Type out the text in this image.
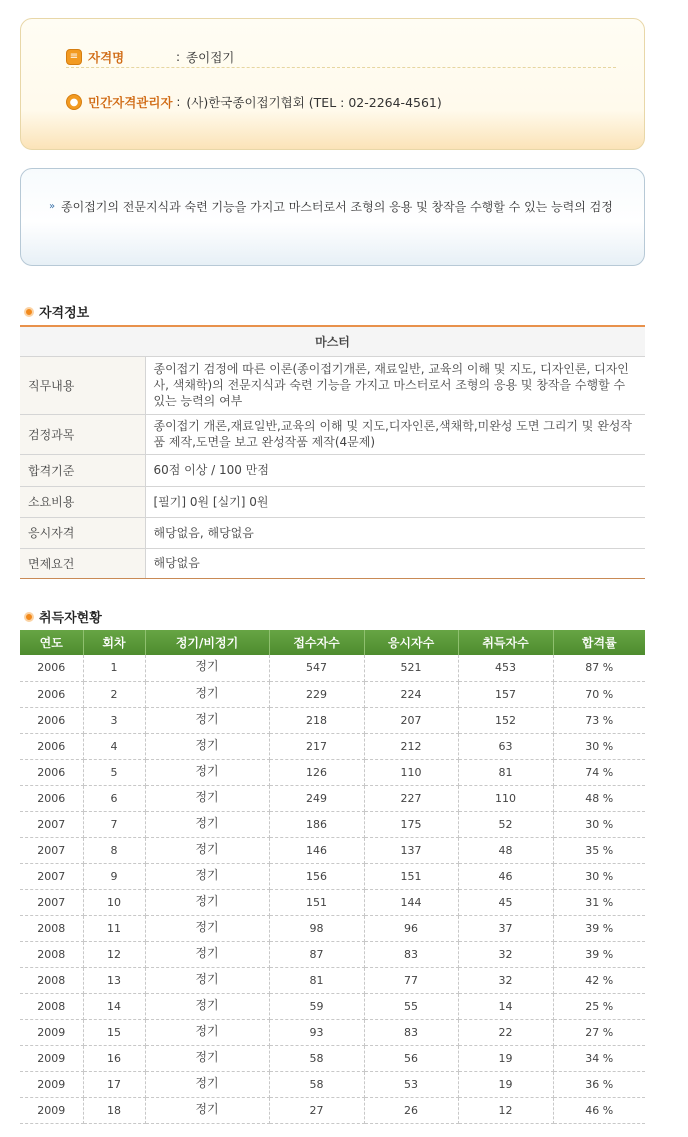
≡ 자격명	: 종이접기
● 민간자격관리자 : (사)한국종이접기협회 (TEL : 02-2264-4561)
» 종이접기의 전문지식과 숙련 기능을 가지고 마스터로서 조형의 응용 및 창작을 수행할 수 있는 능력의 검정
자격정보
마스터	
직무내용	종이접기 검정에 따른 이론(종이접기개론, 재료일반, 교육의 이해 및 지도, 디자인론, 디자인사, 색채학)의 전문지식과 숙련 기능을 가지고 마스터로서 조형의 응용 및 창작을 수행할 수 있는 능력의 여부
검정과목	종이접기 개론,재료일반,교육의 이해 및 지도,디자인론,색채학,미완성 도면 그리기 및 완성작품 제작,도면을 보고 완성작품 제작(4문제)
합격기준	60점 이상 / 100 만점
소요비용	[필기] 0원 [실기] 0원
응시자격	해당없음, 해당없음
면제요건	해당없음
취득자현황
연도	회차	정기/비정기	접수자수	응시자수	취득자수	합격률
2006	1	정기	547	521	453	87 %
2006	2	정기	229	224	157	70 %
2006	3	정기	218	207	152	73 %
2006	4	정기	217	212	63	30 %
2006	5	정기	126	110	81	74 %
2006	6	정기	249	227	110	48 %
2007	7	정기	186	175	52	30 %
2007	8	정기	146	137	48	35 %
2007	9	정기	156	151	46	30 %
2007	10	정기	151	144	45	31 %
2008	11	정기	98	96	37	39 %
2008	12	정기	87	83	32	39 %
2008	13	정기	81	77	32	42 %
2008	14	정기	59	55	14	25 %
2009	15	정기	93	83	22	27 %
2009	16	정기	58	56	19	34 %
2009	17	정기	58	53	19	36 %
2009	18	정기	27	26	12	46 %
